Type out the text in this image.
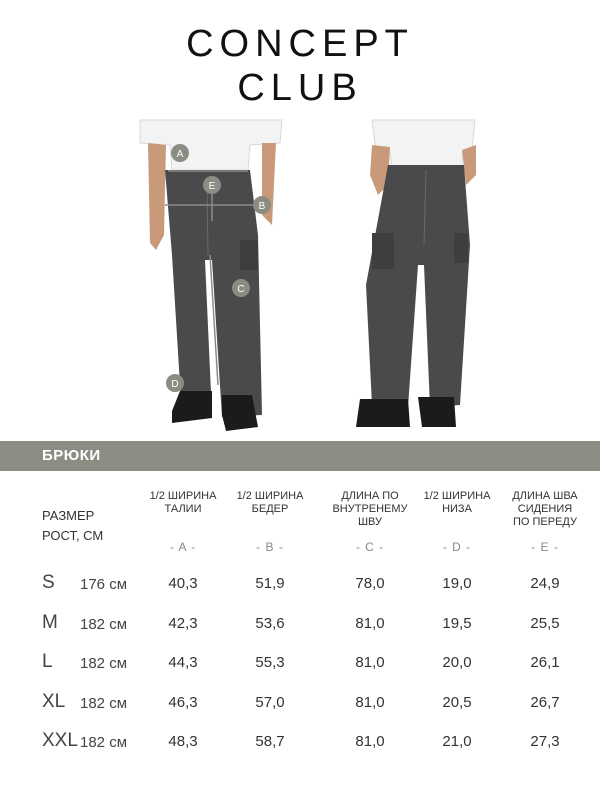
CONCEPT
CLUB
A
B
C
D
E
БРЮКИ
РАЗМЕР
РОСТ, СМ
1/2 ШИРИНА
ТАЛИИ
- A -
1/2 ШИРИНА
БЕДЕР
- B -
ДЛИНА ПО
ВНУТРЕНЕМУ
ШВУ
- C -
1/2 ШИРИНА
НИЗА
- D -
ДЛИНА ШВА
СИДЕНИЯ
ПО ПЕРЕДУ
- E -
S 176 см	40,3	51,9	78,0	19,0	24,9
M 182 см	42,3	53,6	81,0	19,5	25,5
L 182 см	44,3	55,3	81,0	20,0	26,1
XL 182 см	46,3	57,0	81,0	20,5	26,7
XXL 182 см	48,3	58,7	81,0	21,0	27,3
